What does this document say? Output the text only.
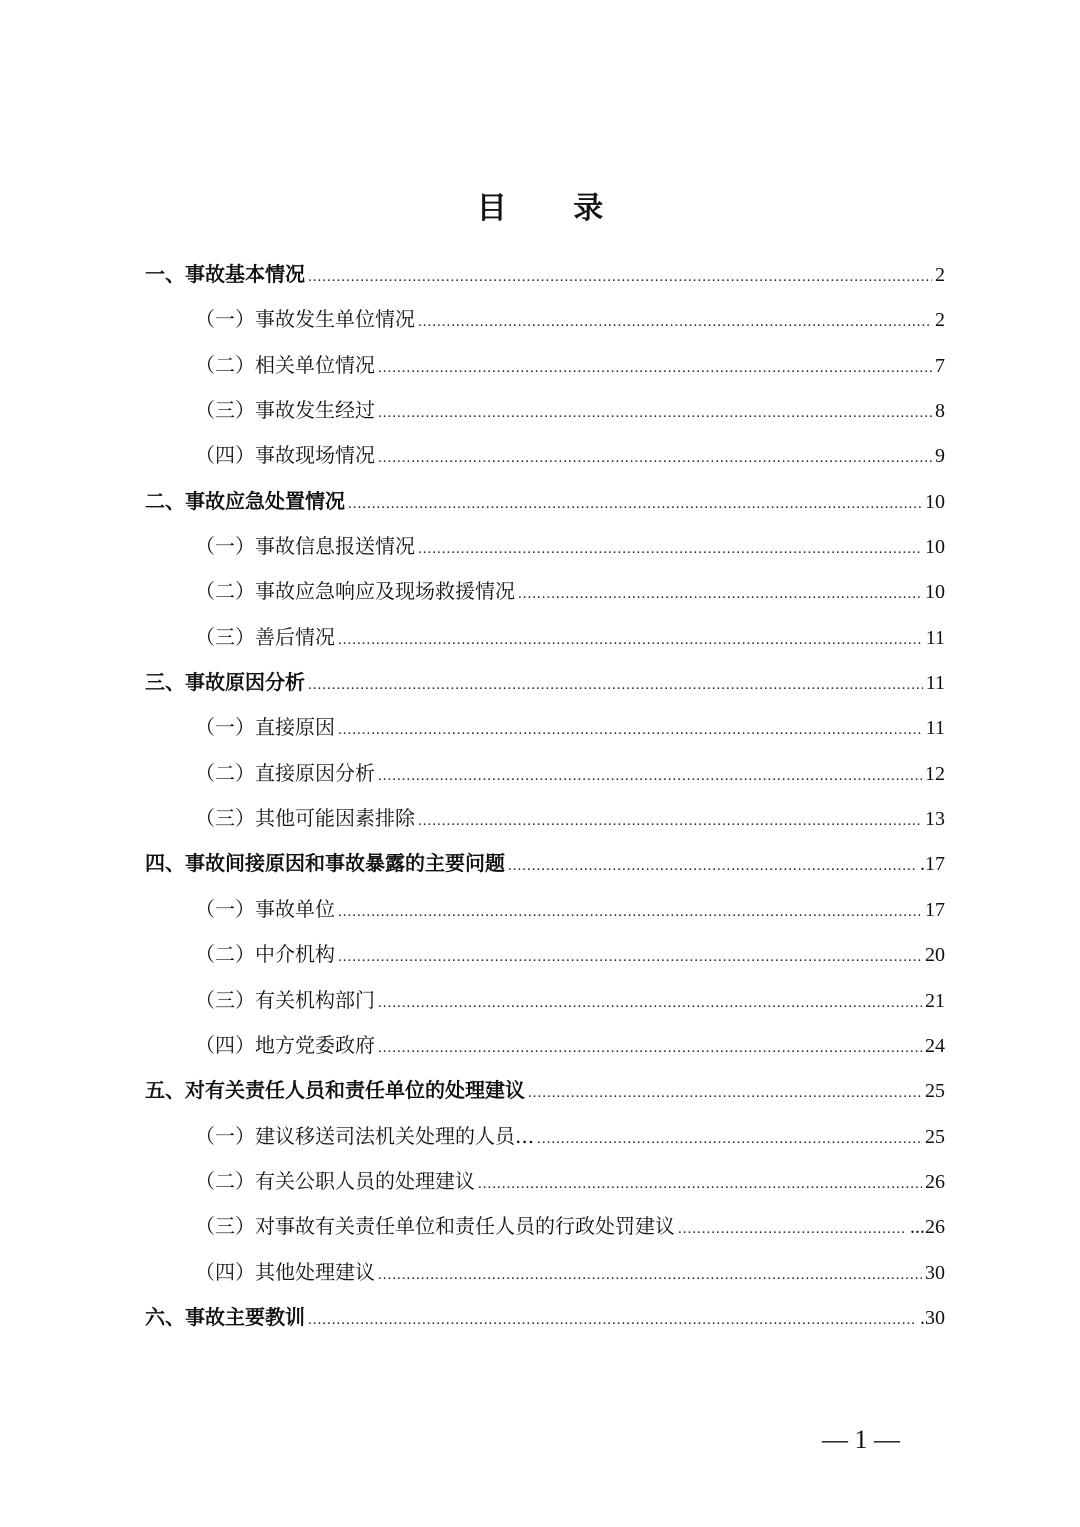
目 录
一、事故基本情况 .....	2
（一）事故发生单位情况 .....	2
（二）相关单位情况 .....	7
（三）事故发生经过 .....	8
（四）事故现场情况 .....	9
二、事故应急处置情况 .....	10
（一）事故信息报送情况 .....	10
（二）事故应急响应及现场救援情况 .....	10
（三）善后情况 .....	11
三、事故原因分析 .....	11
（一）直接原因 .....	11
（二）直接原因分析 .....	12
（三）其他可能因素排除 .....	13
四、事故间接原因和事故暴露的主要问题 .....	.17
（一）事故单位 .....	17
（二）中介机构 .....	20
（三）有关机构部门 .....	21
（四）地方党委政府 .....	24
五、对有关责任人员和责任单位的处理建议 .....	25
（一）建议移送司法机关处理的人员... .....	25
（二）有关公职人员的处理建议 .....	26
（三）对事故有关责任单位和责任人员的行政处罚建议 .....	...26
（四）其他处理建议 .....	30
六、事故主要教训 .....	.30
— 1 —
